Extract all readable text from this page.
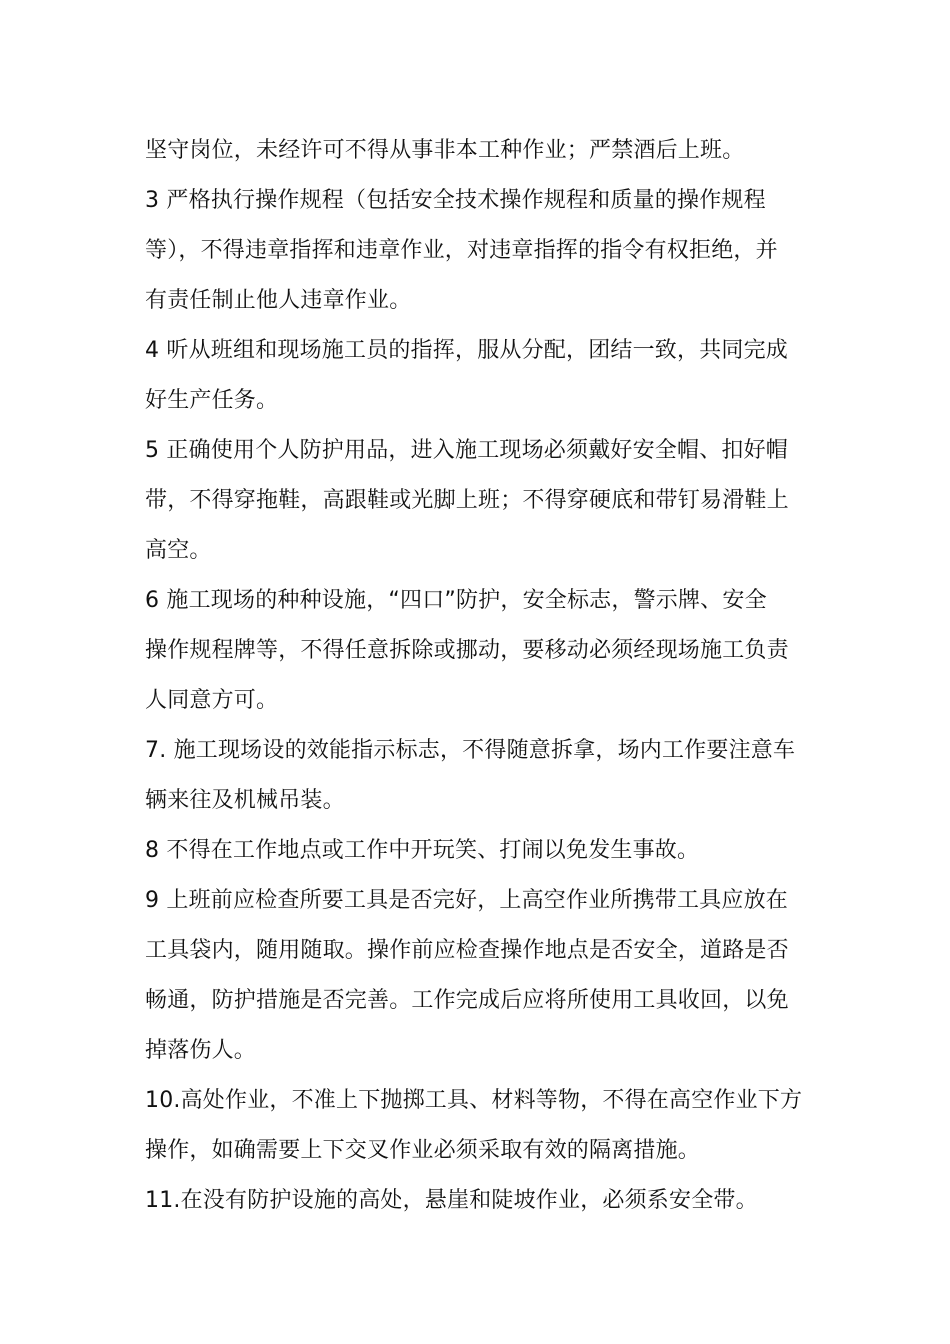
坚守岗位，未经许可不得从事非本工种作业；严禁酒后上班。

3 严格执行操作规程（包括安全技术操作规程和质量的操作规程

等），不得违章指挥和违章作业，对违章指挥的指令有权拒绝，并

有责任制止他人违章作业。

4 听从班组和现场施工员的指挥，服从分配，团结一致，共同完成

好生产任务。

5 正确使用个人防护用品，进入施工现场必须戴好安全帽、扣好帽

带，不得穿拖鞋，高跟鞋或光脚上班；不得穿硬底和带钉易滑鞋上

高空。

6 施工现场的种种设施，“四口”防护，安全标志，警示牌、安全

操作规程牌等，不得任意拆除或挪动，要移动必须经现场施工负责

人同意方可。

7. 施工现场设的效能指示标志，不得随意拆拿，场内工作要注意车

辆来往及机械吊装。

8 不得在工作地点或工作中开玩笑、打闹以免发生事故。

9 上班前应检查所要工具是否完好，上高空作业所携带工具应放在

工具袋内，随用随取。操作前应检查操作地点是否安全，道路是否

畅通，防护措施是否完善。工作完成后应将所使用工具收回，以免

掉落伤人。

10.高处作业，不准上下抛掷工具、材料等物，不得在高空作业下方

操作，如确需要上下交叉作业必须采取有效的隔离措施。

11.在没有防护设施的高处，悬崖和陡坡作业，必须系安全带。
